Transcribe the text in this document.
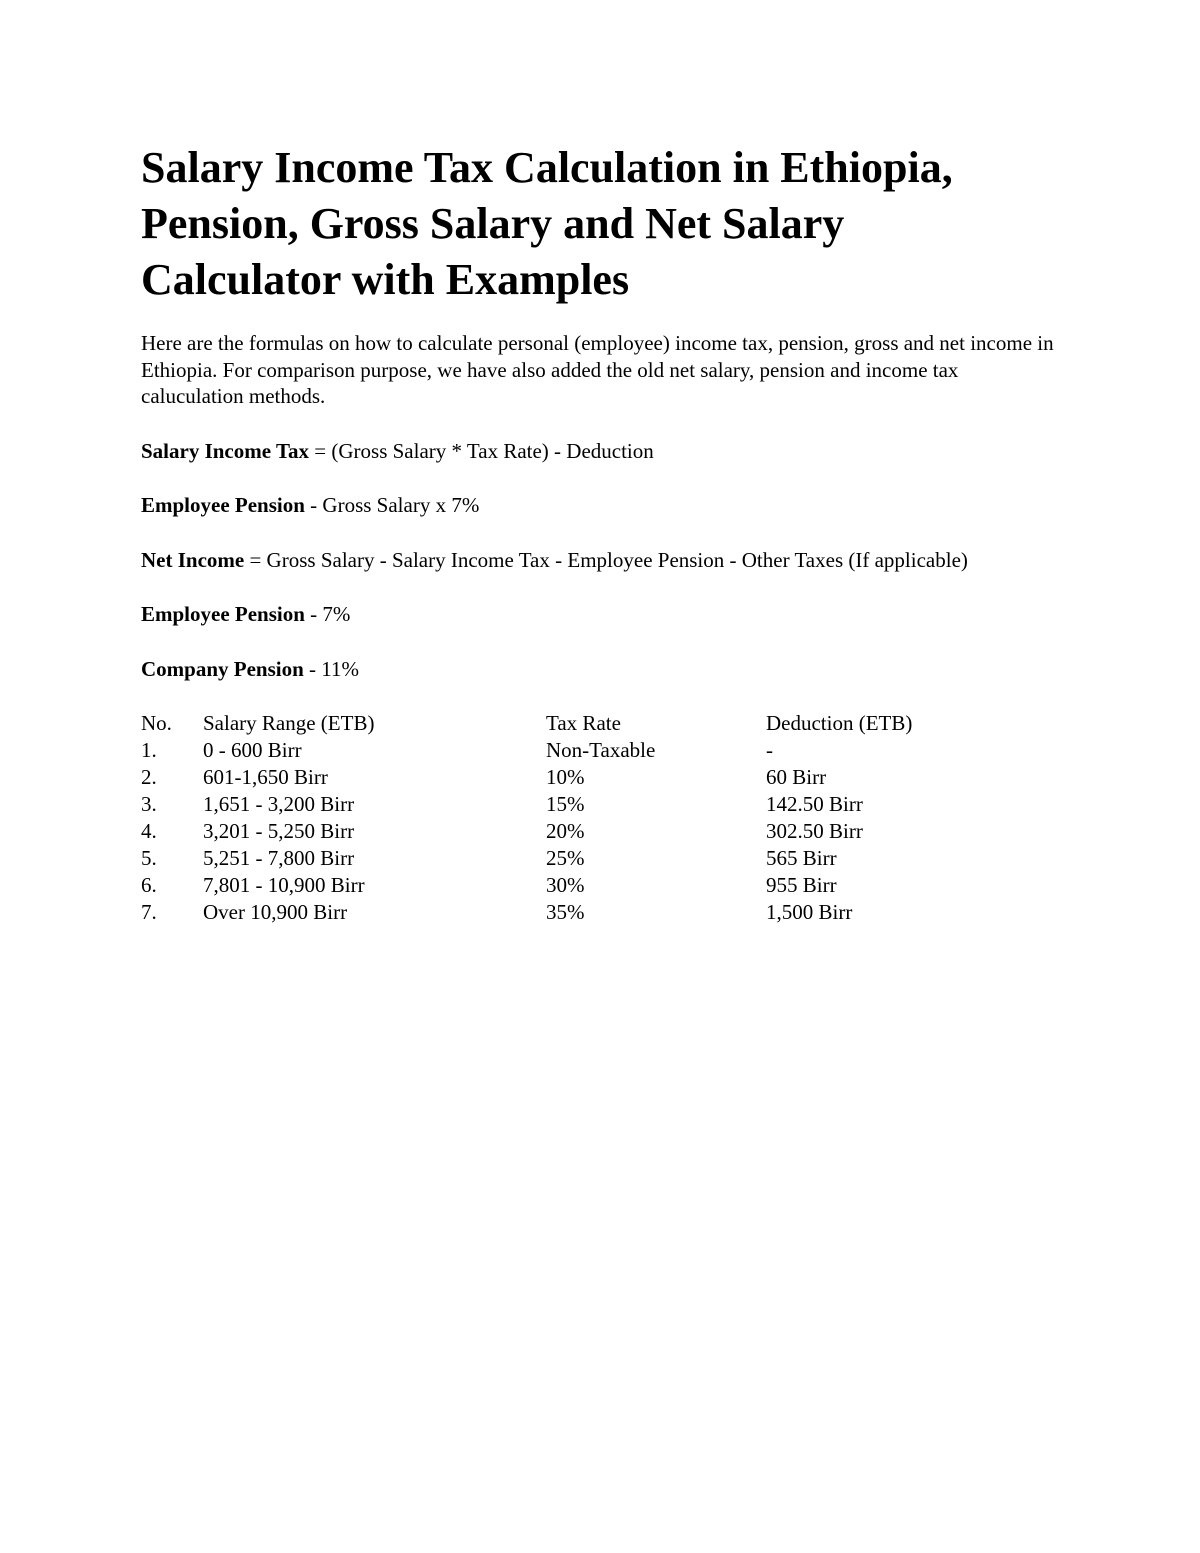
Salary Income Tax Calculation in Ethiopia,
Pension, Gross Salary and Net Salary
Calculator with Examples

Here are the formulas on how to calculate personal (employee) income tax, pension, gross and net income in Ethiopia. For comparison purpose, we have also added the old net salary, pension and income tax caluculation methods.

Salary Income Tax = (Gross Salary * Tax Rate) - Deduction

Employee Pension - Gross Salary x 7%

Net Income = Gross Salary - Salary Income Tax - Employee Pension - Other Taxes (If applicable)

Employee Pension - 7%

Company Pension - 11%

No.	Salary Range (ETB)	Tax Rate	Deduction (ETB)
1.	0 - 600 Birr	Non-Taxable	-
2.	601-1,650 Birr	10%	60 Birr
3.	1,651 - 3,200 Birr	15%	142.50 Birr
4.	3,201 - 5,250 Birr	20%	302.50 Birr
5.	5,251 - 7,800 Birr	25%	565 Birr
6.	7,801 - 10,900 Birr	30%	955 Birr
7.	Over 10,900 Birr	35%	1,500 Birr
